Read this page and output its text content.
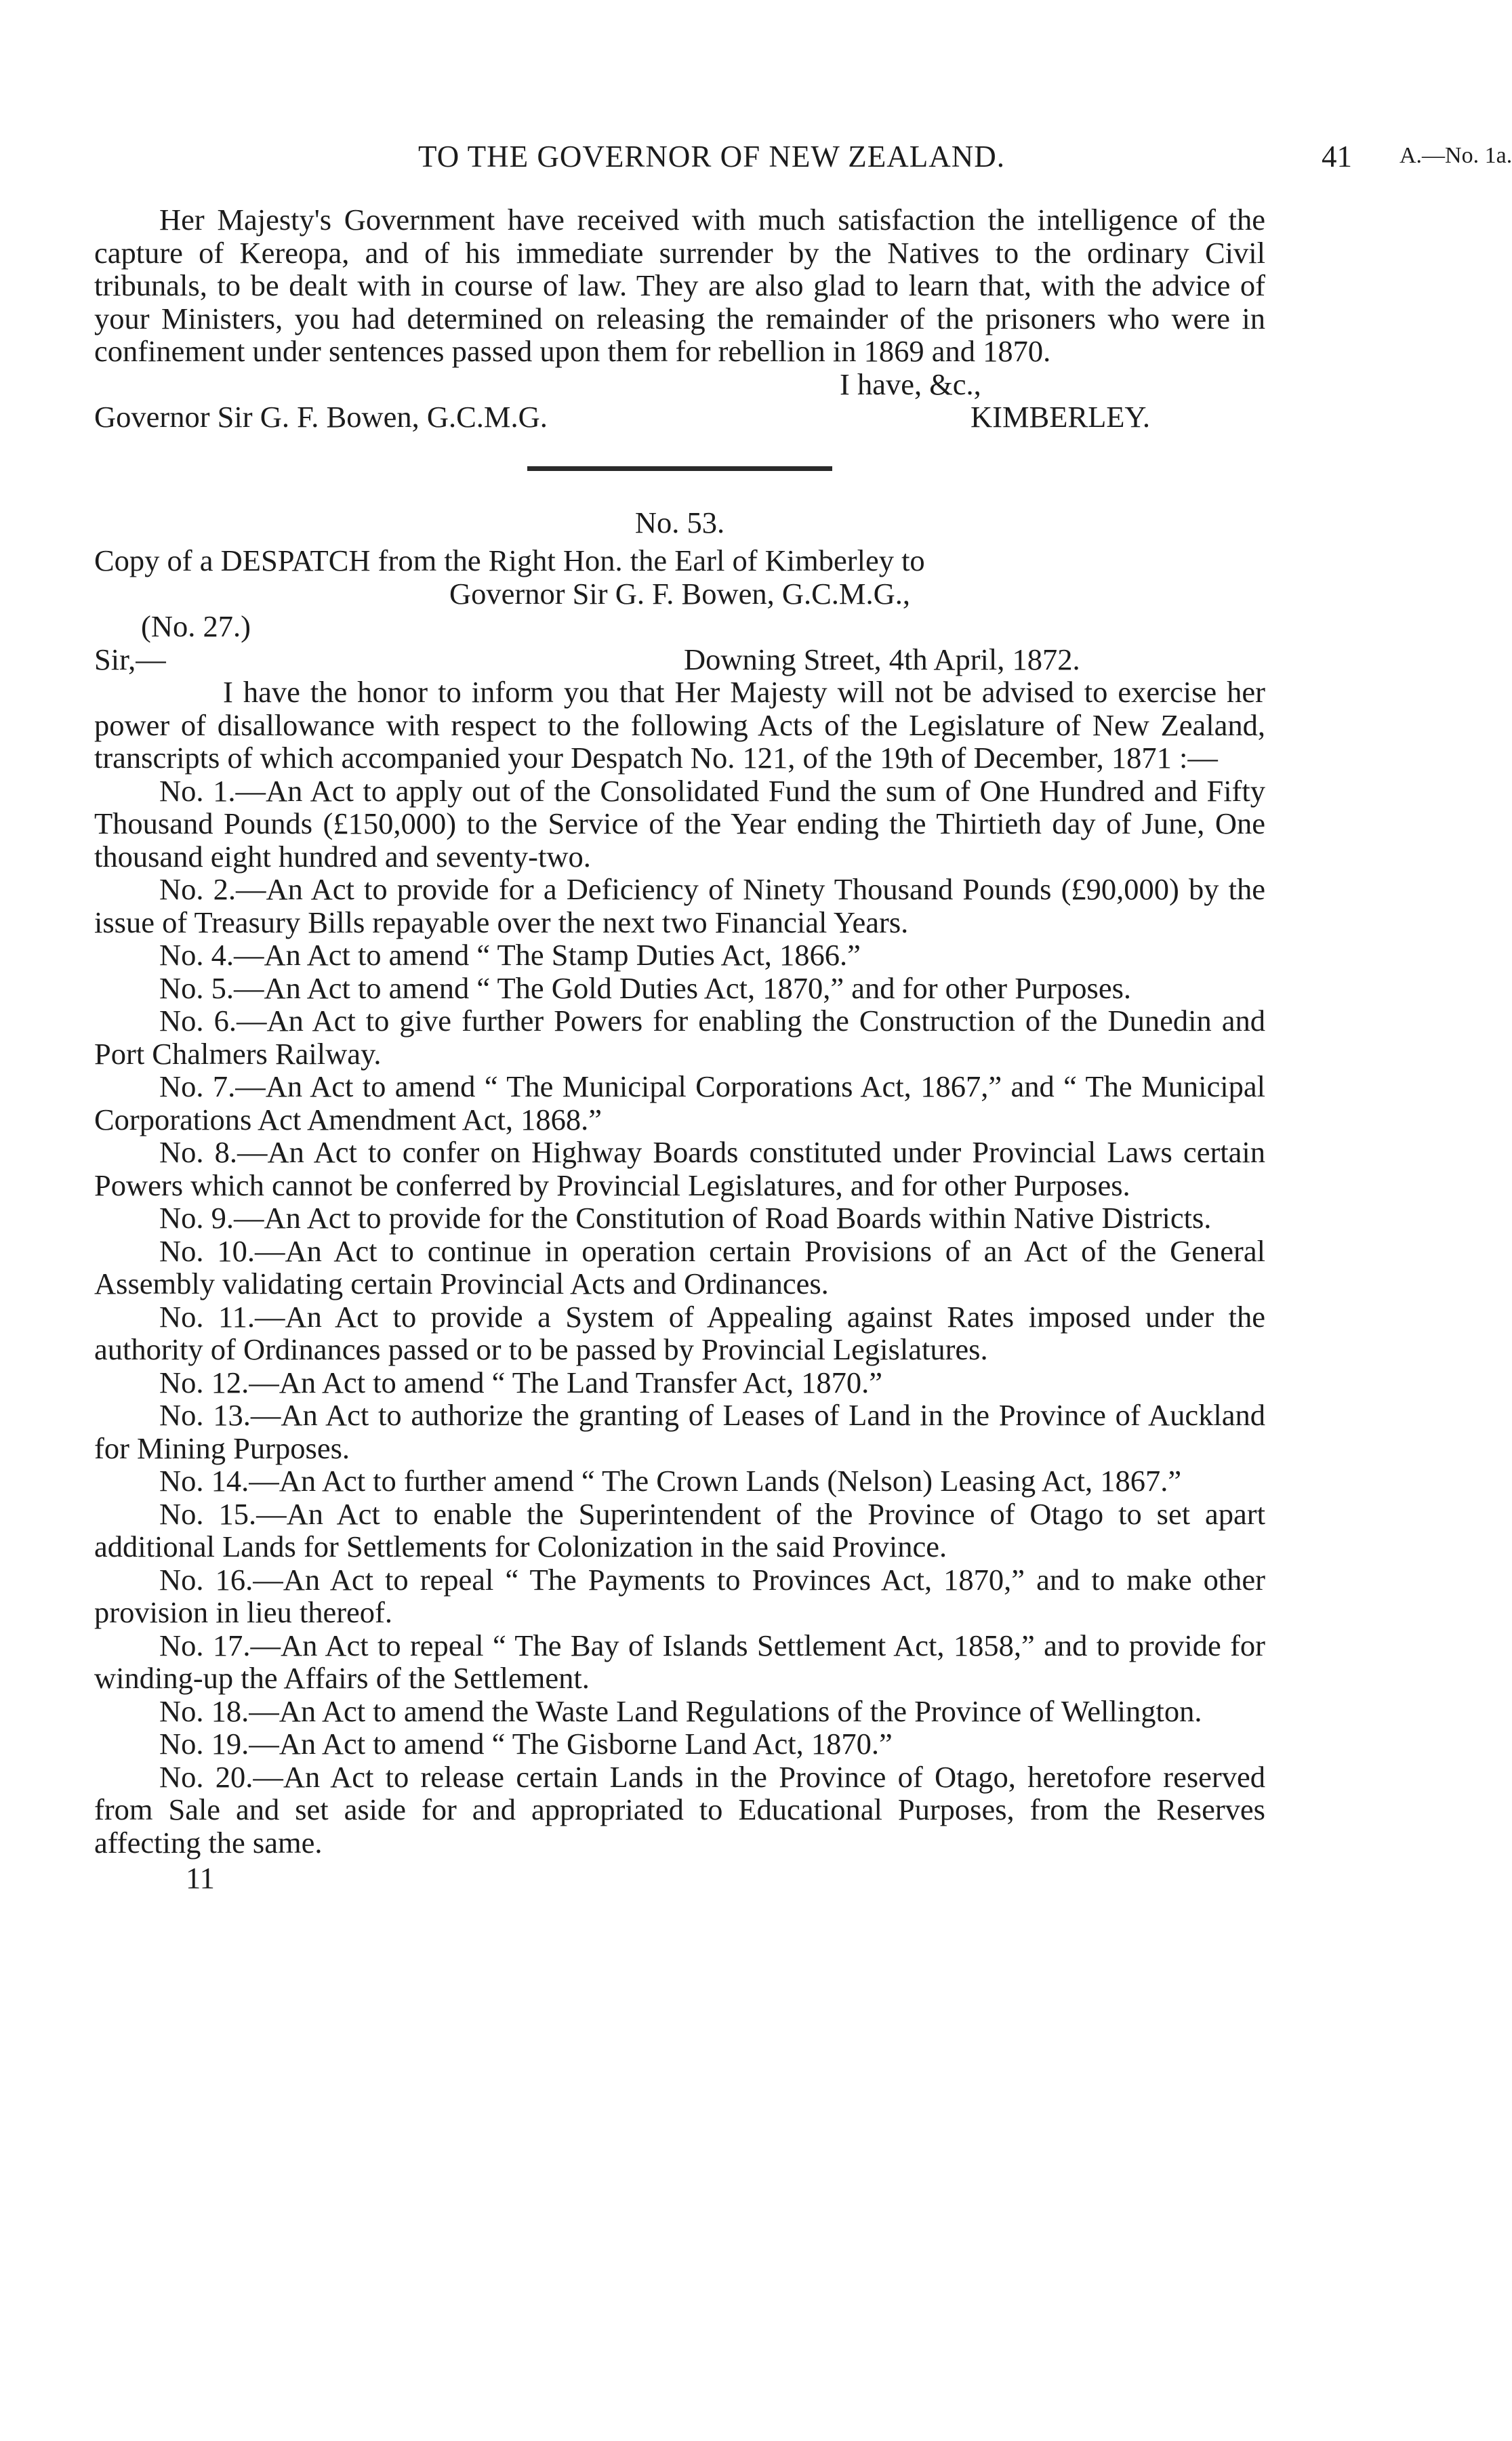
TO THE GOVERNOR OF NEW ZEALAND.	41 A.—No. 1a.

Her Majesty's Government have received with much satisfaction the intelligence of the capture of Kereopa, and of his immediate surrender by the Natives to the ordinary Civil tribunals, to be dealt with in course of law. They are also glad to learn that, with the advice of your Ministers, you had determined on releasing the remainder of the prisoners who were in confinement under sentences passed upon them for rebellion in 1869 and 1870.

I have, &c.,
Governor Sir G. F. Bowen, G.C.M.G.	KIMBERLEY.

No. 53.

Copy of a DESPATCH from the Right Hon. the Earl of Kimberley to

Governor Sir G. F. Bowen, G.C.M.G.,

(No. 27.)
Sir,—	Downing Street, 4th April, 1872.

I have the honor to inform you that Her Majesty will not be advised to exercise her power of disallowance with respect to the following Acts of the Legislature of New Zealand, transcripts of which accompanied your Despatch No. 121, of the 19th of December, 1871 :—

No. 1.—An Act to apply out of the Consolidated Fund the sum of One Hundred and Fifty Thousand Pounds (£150,000) to the Service of the Year ending the Thirtieth day of June, One thousand eight hundred and seventy-two.

No. 2.—An Act to provide for a Deficiency of Ninety Thousand Pounds (£90,000) by the issue of Treasury Bills repayable over the next two Financial Years.

No. 4.—An Act to amend “ The Stamp Duties Act, 1866.”

No. 5.—An Act to amend “ The Gold Duties Act, 1870,” and for other Purposes.

No. 6.—An Act to give further Powers for enabling the Construction of the Dunedin and Port Chalmers Railway.

No. 7.—An Act to amend “ The Municipal Corporations Act, 1867,” and “ The Municipal Corporations Act Amendment Act, 1868.”

No. 8.—An Act to confer on Highway Boards constituted under Provincial Laws certain Powers which cannot be conferred by Provincial Legislatures, and for other Purposes.

No. 9.—An Act to provide for the Constitution of Road Boards within Native Districts.

No. 10.—An Act to continue in operation certain Provisions of an Act of the General Assembly validating certain Provincial Acts and Ordinances.

No. 11.—An Act to provide a System of Appealing against Rates imposed under the authority of Ordinances passed or to be passed by Provincial Legislatures.

No. 12.—An Act to amend “ The Land Transfer Act, 1870.”

No. 13.—An Act to authorize the granting of Leases of Land in the Province of Auckland for Mining Purposes.

No. 14.—An Act to further amend “ The Crown Lands (Nelson) Leasing Act, 1867.”

No. 15.—An Act to enable the Superintendent of the Province of Otago to set apart additional Lands for Settlements for Colonization in the said Province.

No. 16.—An Act to repeal “ The Payments to Provinces Act, 1870,” and to make other provision in lieu thereof.

No. 17.—An Act to repeal “ The Bay of Islands Settlement Act, 1858,” and to provide for winding-up the Affairs of the Settlement.

No. 18.—An Act to amend the Waste Land Regulations of the Province of Wellington.

No. 19.—An Act to amend “ The Gisborne Land Act, 1870.”

No. 20.—An Act to release certain Lands in the Province of Otago, heretofore reserved from Sale and set aside for and appropriated to Educational Purposes, from the Reserves affecting the same.

11
